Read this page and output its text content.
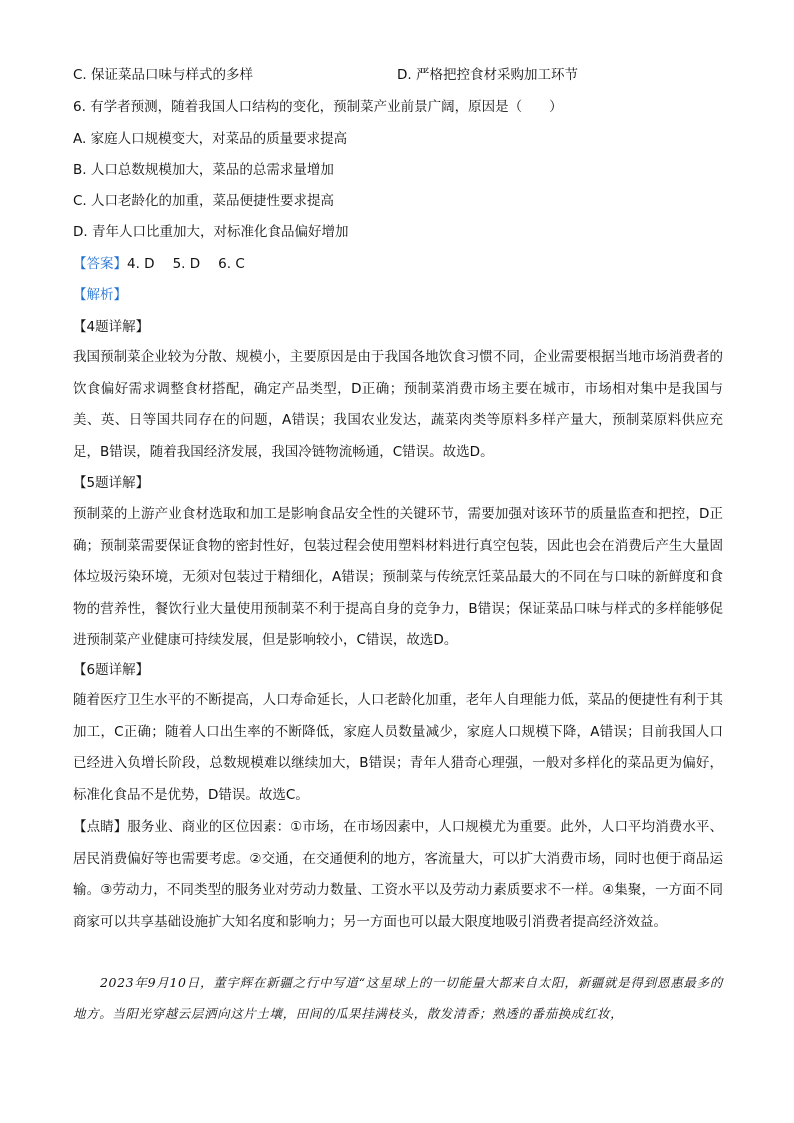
C. 保证菜品口味与样式的多样	D. 严格把控食材采购加工环节
6. 有学者预测，随着我国人口结构的变化，预制菜产业前景广阔，原因是（　　）
A. 家庭人口规模变大，对菜品的质量要求提高
B. 人口总数规模加大，菜品的总需求量增加
C. 人口老龄化的加重，菜品便捷性要求提高
D. 青年人口比重加大，对标准化食品偏好增加
【答案】4. D 5. D 6. C
【解析】
【4题详解】
我国预制菜企业较为分散、规模小，主要原因是由于我国各地饮食习惯不同，企业需要根据当地市场消费者的饮食偏好需求调整食材搭配，确定产品类型，D正确；预制菜消费市场主要在城市，市场相对集中是我国与美、英、日等国共同存在的问题，A错误；我国农业发达，蔬菜肉类等原料多样产量大，预制菜原料供应充足，B错误，随着我国经济发展，我国冷链物流畅通，C错误。故选D。
【5题详解】
预制菜的上游产业食材选取和加工是影响食品安全性的关键环节，需要加强对该环节的质量监查和把控，D正确；预制菜需要保证食物的密封性好，包装过程会使用塑料材料进行真空包装，因此也会在消费后产生大量固体垃圾污染环境，无须对包装过于精细化，A错误；预制菜与传统烹饪菜品最大的不同在与口味的新鲜度和食物的营养性，餐饮行业大量使用预制菜不利于提高自身的竞争力，B错误；保证菜品口味与样式的多样能够促进预制菜产业健康可持续发展，但是影响较小，C错误，故选D。
【6题详解】
随着医疗卫生水平的不断提高，人口寿命延长，人口老龄化加重，老年人自理能力低，菜品的便捷性有利于其加工，C正确；随着人口出生率的不断降低，家庭人员数量减少，家庭人口规模下降，A错误；目前我国人口已经进入负增长阶段，总数规模难以继续加大，B错误；青年人猎奇心理强，一般对多样化的菜品更为偏好，标准化食品不是优势，D错误。故选C。
【点睛】服务业、商业的区位因素：①市场，在市场因素中，人口规模尤为重要。此外，人口平均消费水平、居民消费偏好等也需要考虑。②交通，在交通便利的地方，客流量大，可以扩大消费市场，同时也便于商品运输。③劳动力，不同类型的服务业对劳动力数量、工资水平以及劳动力素质要求不一样。④集聚，一方面不同商家可以共享基础设施扩大知名度和影响力；另一方面也可以最大限度地吸引消费者提高经济效益。
2023年9月10日，董宇辉在新疆之行中写道“这星球上的一切能量大都来自太阳，新疆就是得到恩惠最多的地方。当阳光穿越云层洒向这片土壤，田间的瓜果挂满枝头，散发清香；熟透的番茄换成红妆，
